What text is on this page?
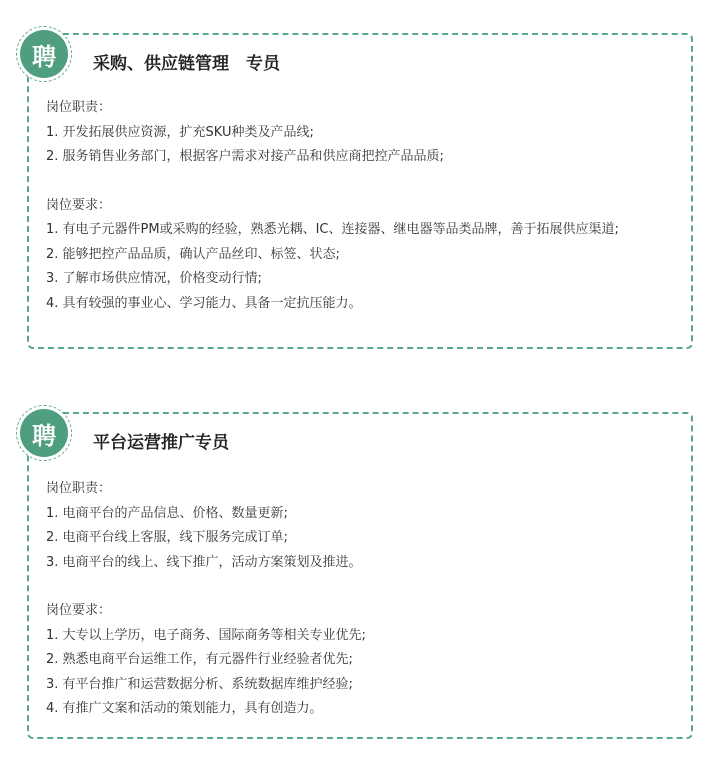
聘	采购、供应链管理　专员
岗位职责：
1. 开发拓展供应资源，扩充SKU种类及产品线;
2. 服务销售业务部门，根据客户需求对接产品和供应商把控产品品质;
岗位要求：
1. 有电子元器件PM或采购的经验，熟悉光耦、IC、连接器、继电器等品类品牌，善于拓展供应渠道;
2. 能够把控产品品质，确认产品丝印、标签、状态;
3. 了解市场供应情况，价格变动行情;
4. 具有较强的事业心、学习能力、具备一定抗压能力。
聘	平台运营推广专员
岗位职责：
1. 电商平台的产品信息、价格、数量更新;
2. 电商平台线上客服，线下服务完成订单;
3. 电商平台的线上、线下推广，活动方案策划及推进。
岗位要求：
1. 大专以上学历，电子商务、国际商务等相关专业优先;
2. 熟悉电商平台运维工作，有元器件行业经验者优先;
3. 有平台推广和运营数据分析、系统数据库维护经验;
4. 有推广文案和活动的策划能力，具有创造力。
